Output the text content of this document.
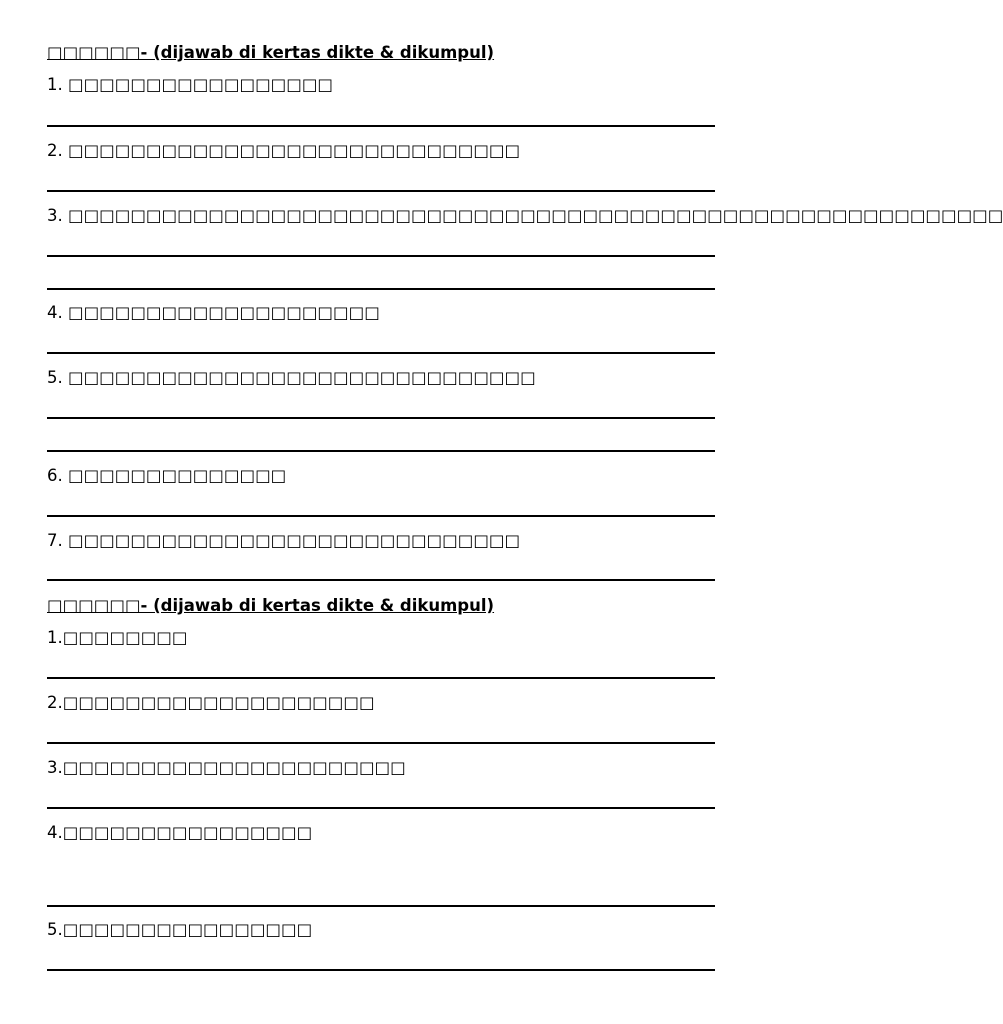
□□□□□□- (dijawab di kertas dikte & dikumpul)
1. □□□□□□□□□□□□□□□□□
2. □□□□□□□□□□□□□□□□□□□□□□□□□□□□□
3. □□□□□□□□□□□□□□□□□□□□□□□□□□□□□□□□□□□□□□□□□□□□□□□□□□□□□□□□□□□□
4. □□□□□□□□□□□□□□□□□□□□
5. □□□□□□□□□□□□□□□□□□□□□□□□□□□□□□
6. □□□□□□□□□□□□□□
7. □□□□□□□□□□□□□□□□□□□□□□□□□□□□□
□□□□□□- (dijawab di kertas dikte & dikumpul)
1.□□□□□□□□
2.□□□□□□□□□□□□□□□□□□□□
3.□□□□□□□□□□□□□□□□□□□□□□
4.□□□□□□□□□□□□□□□□
5.□□□□□□□□□□□□□□□□
